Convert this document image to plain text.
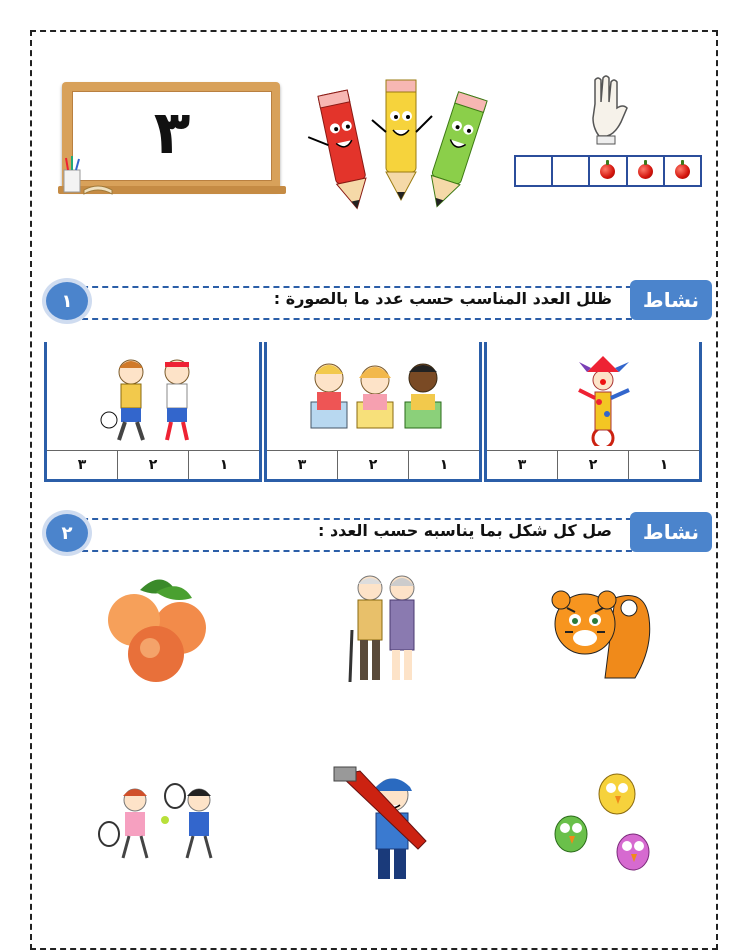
٣
ظلل العدد المناسب حسب عدد ما بالصورة :	نشاط
١
١
٢
٣
١
٢
٣
١
٢
٣
صل كل شكل بما يناسبه حسب العدد :	نشاط
٢
